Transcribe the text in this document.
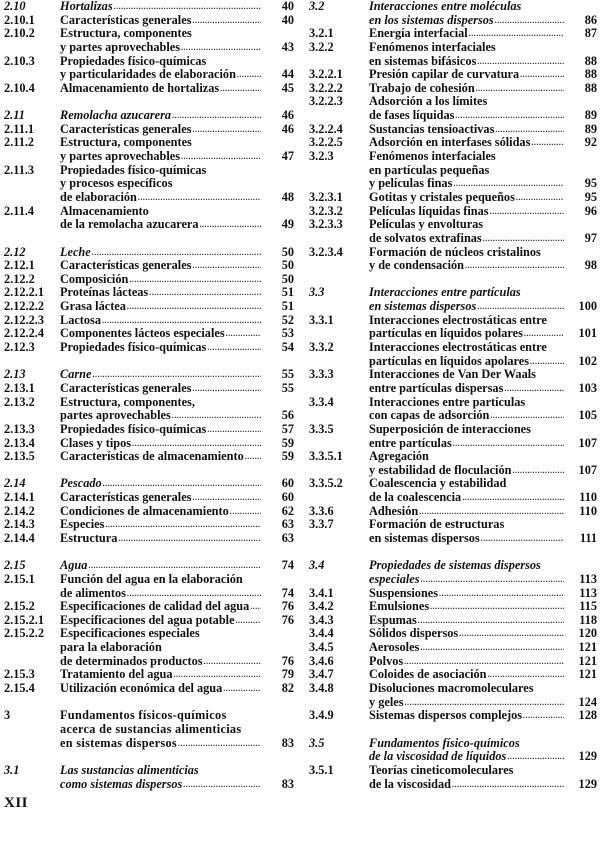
2.10	Hortalizas .....	40
2.10.1 Características generales .....	40
2.10.2 Estructura, componentes
y partes aprovechables .....	43
2.10.3 Propiedades físico-químicas
y particularidades de elaboración .....	44
2.10.4 Almacenamiento de hortalizas .....	45
2.11	Remolacha azucarera .....	46
2.11.1 Características generales .....	46
2.11.2 Estructura, componentes
y partes aprovechables .....	47
2.11.3 Propiedades físico-químicas
y procesos específicos
de elaboración .....	48
2.11.4 Almacenamiento
de la remolacha azucarera .....	49
2.12	Leche .....	50
2.12.1 Características generales .....	50
2.12.2 Composición .....	50
2.12.2.1 Proteínas lácteas .....	51
2.12.2.2 Grasa láctea .....	51
2.12.2.3 Lactosa .....	52
2.12.2.4 Componentes lácteos especiales .....	53
2.12.3 Propiedades físico-químicas .....	54
2.13	Carne .....	55
2.13.1 Características generales .....	55
2.13.2 Estructura, componentes,
partes aprovechables .....	56
2.13.3 Propiedades físico-químicas .....	57
2.13.4 Clases y tipos .....	59
2.13.5 Características de almacenamiento .....	59
2.14	Pescado .....	60
2.14.1 Características generales .....	60
2.14.2 Condiciones de almacenamiento .....	62
2.14.3 Especies .....	63
2.14.4 Estructura .....	63
2.15	Agua .....	74
2.15.1 Función del agua en la elaboración
de alimentos .....	74
2.15.2 Especificaciones de calidad del agua .....	76
2.15.2.1 Especificaciones del agua potable .....	76
2.15.2.2 Especificaciones especiales
para la elaboración
de determinados productos .....	76
2.15.3 Tratamiento del agua .....	79
2.15.4 Utilización económica del agua .....	82
3	Fundamentos físicos-químicos
acerca de sustancias alimenticias
en sistemas dispersos .....	83
3.1	Las sustancias alimenticias
como sistemas dispersos .....	83
3.2	Interacciones entre moléculas
en los sistemas dispersos .....	86
3.2.1	Energía interfacial .....	87
3.2.2	Fenómenos interfaciales
en sistemas bifásicos .....	88
3.2.2.1 Presión capilar de curvatura .....	88
3.2.2.2 Trabajo de cohesión .....	88
3.2.2.3 Adsorción a los límites
de fases líquidas .....	89
3.2.2.4 Sustancias tensioactivas .....	89
3.2.2.5 Adsorción en interfases sólidas .....	92
3.2.3	Fenómenos interfaciales
en partículas pequeñas
y películas finas .....	95
3.2.3.1 Gotitas y cristales pequeños .....	95
3.2.3.2 Películas líquidas finas .....	96
3.2.3.3 Películas y envolturas
de solvatos extrafinas .....	97
3.2.3.4 Formación de núcleos cristalinos
y de condensación .....	98
3.3	Interacciones entre partículas
en sistemas dispersos .....	100
3.3.1	Interacciones electrostáticas entre
partículas en líquidos polares .....	101
3.3.2	Interacciones electrostáticas entre
partículas en líquidos apolares .....	102
3.3.3	Interacciones de Van Der Waals
entre partículas dispersas .....	103
3.3.4	Interacciones entre partículas
con capas de adsorción .....	105
3.3.5	Superposición de interacciones
entre partículas .....	107
3.3.5.1 Agregación
y estabilidad de floculación .....	107
3.3.5.2 Coalescencia y estabilidad
de la coalescencia .....	110
3.3.6	Adhesión .....	110
3.3.7	Formación de estructuras
en sistemas dispersos .....	111
3.4	Propiedades de sistemas dispersos
especiales .....	113
3.4.1	Suspensiones .....	113
3.4.2	Emulsiones .....	115
3.4.3	Espumas .....	118
3.4.4	Sólidos dispersos .....	120
3.4.5	Aerosoles .....	121
3.4.6	Polvos .....	121
3.4.7	Coloides de asociación .....	121
3.4.8	Disoluciones macromoleculares
y geles .....	124
3.4.9	Sistemas dispersos complejos .....	128
3.5	Fundamentos físico-químicos
de la viscosidad de líquidos .....	129
3.5.1	Teorías cineticomoleculares
de la viscosidad .....	129
XII
